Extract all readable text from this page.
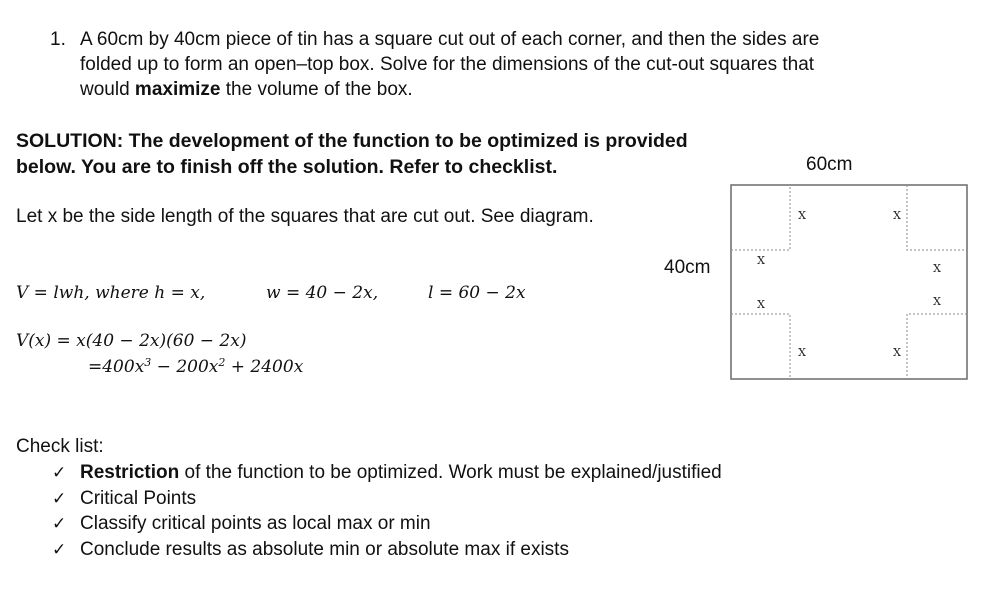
1. A 60cm by 40cm piece of tin has a square cut out of each corner, and then the sides are
folded up to form an open–top box. Solve for the dimensions of the cut-out squares that
would maximize the volume of the box.
SOLUTION: The development of the function to be optimized is provided
below. You are to finish off the solution. Refer to checklist.
Let x be the side length of the squares that are cut out. See diagram.
V = lwh, where h = x,	w = 40 − 2x,	l = 60 − 2x
V(x) = x(40 − 2x)(60 − 2x)
$=400x^3 - 200x^2 + 2400x$
60cm
40cm
X	X
X
X
X	X
X	X
Check list:
✓ Restriction of the function to be optimized. Work must be explained/justified
✓ Critical Points
✓ Classify critical points as local max or min
✓ Conclude results as absolute min or absolute max if exists
